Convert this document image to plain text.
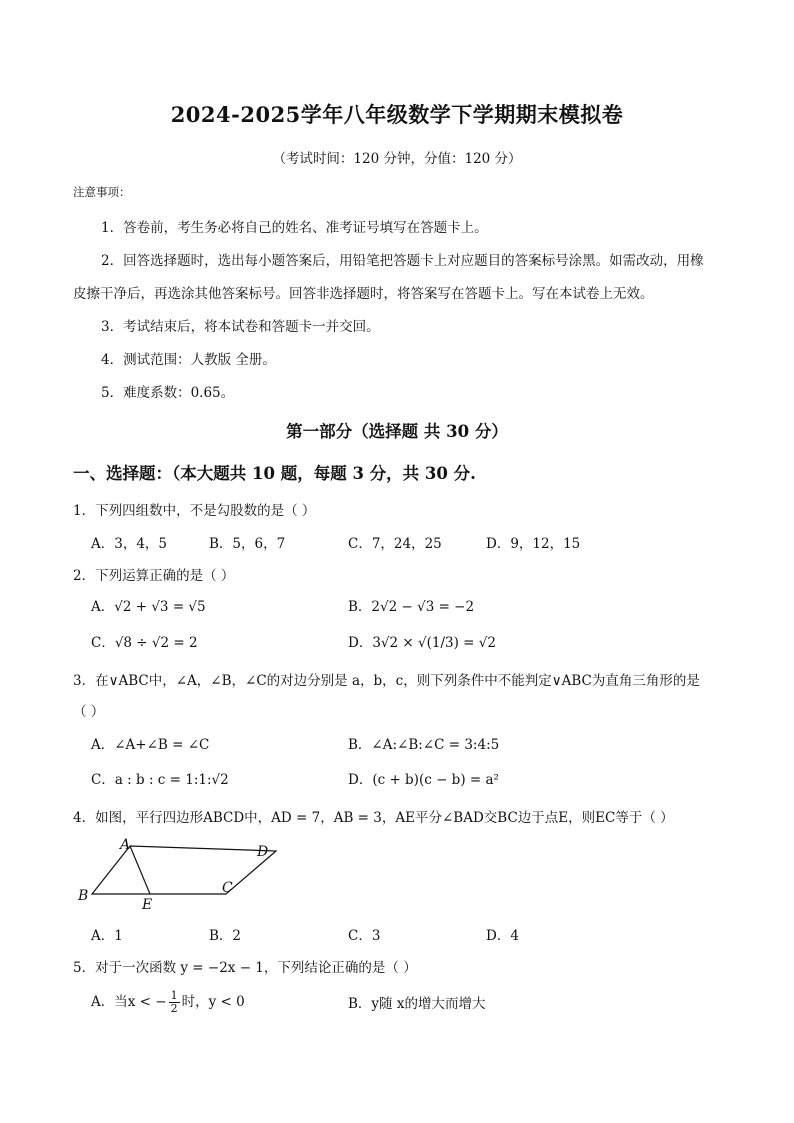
2024-2025学年八年级数学下学期期末模拟卷
（考试时间：120 分钟，分值：120 分）
注意事项：
1．答卷前，考生务必将自己的姓名、准考证号填写在答题卡上。
2．回答选择题时，选出每小题答案后，用铅笔把答题卡上对应题目的答案标号涂黑。如需改动，用橡
皮擦干净后，再选涂其他答案标号。回答非选择题时，将答案写在答题卡上。写在本试卷上无效。
3．考试结束后，将本试卷和答题卡一并交回。
4．测试范围：人教版 全册。
5．难度系数：0.65。
第一部分（选择题 共 30 分）
一、选择题：（本大题共 10 题，每题 3 分，共 30 分.
1．下列四组数中，不是勾股数的是（ ）
A．3，4，5	B．5，6，7	C．7，24，25	D．9，12，15
2．下列运算正确的是（ ）
A．√2 + √3 = √5	B．2√2 − √3 = −2
C．√8 ÷ √2 = 2	D．3√2 × √(1/3) = √2
3．在∨ABC中，∠A，∠B，∠C的对边分别是 a，b，c，则下列条件中不能判定∨ABC为直角三角形的是
（ ）
A．∠A+∠B = ∠C	B．∠A:∠B:∠C = 3:4:5
C．a : b : c = 1:1:√2	D．(c + b)(c − b) = a²
4．如图，平行四边形ABCD中，AD = 7，AB = 3，AE平分∠BAD交BC边于点E，则EC等于（ ）
A
B	C
D
E
A．1	B．2	C．3	D．4
5．对于一次函数 y = −2x − 1，下列结论正确的是（ ）
A．当x < − $\frac{1}{2}$ 时，y < 0	B．y随 x的增大而增大
